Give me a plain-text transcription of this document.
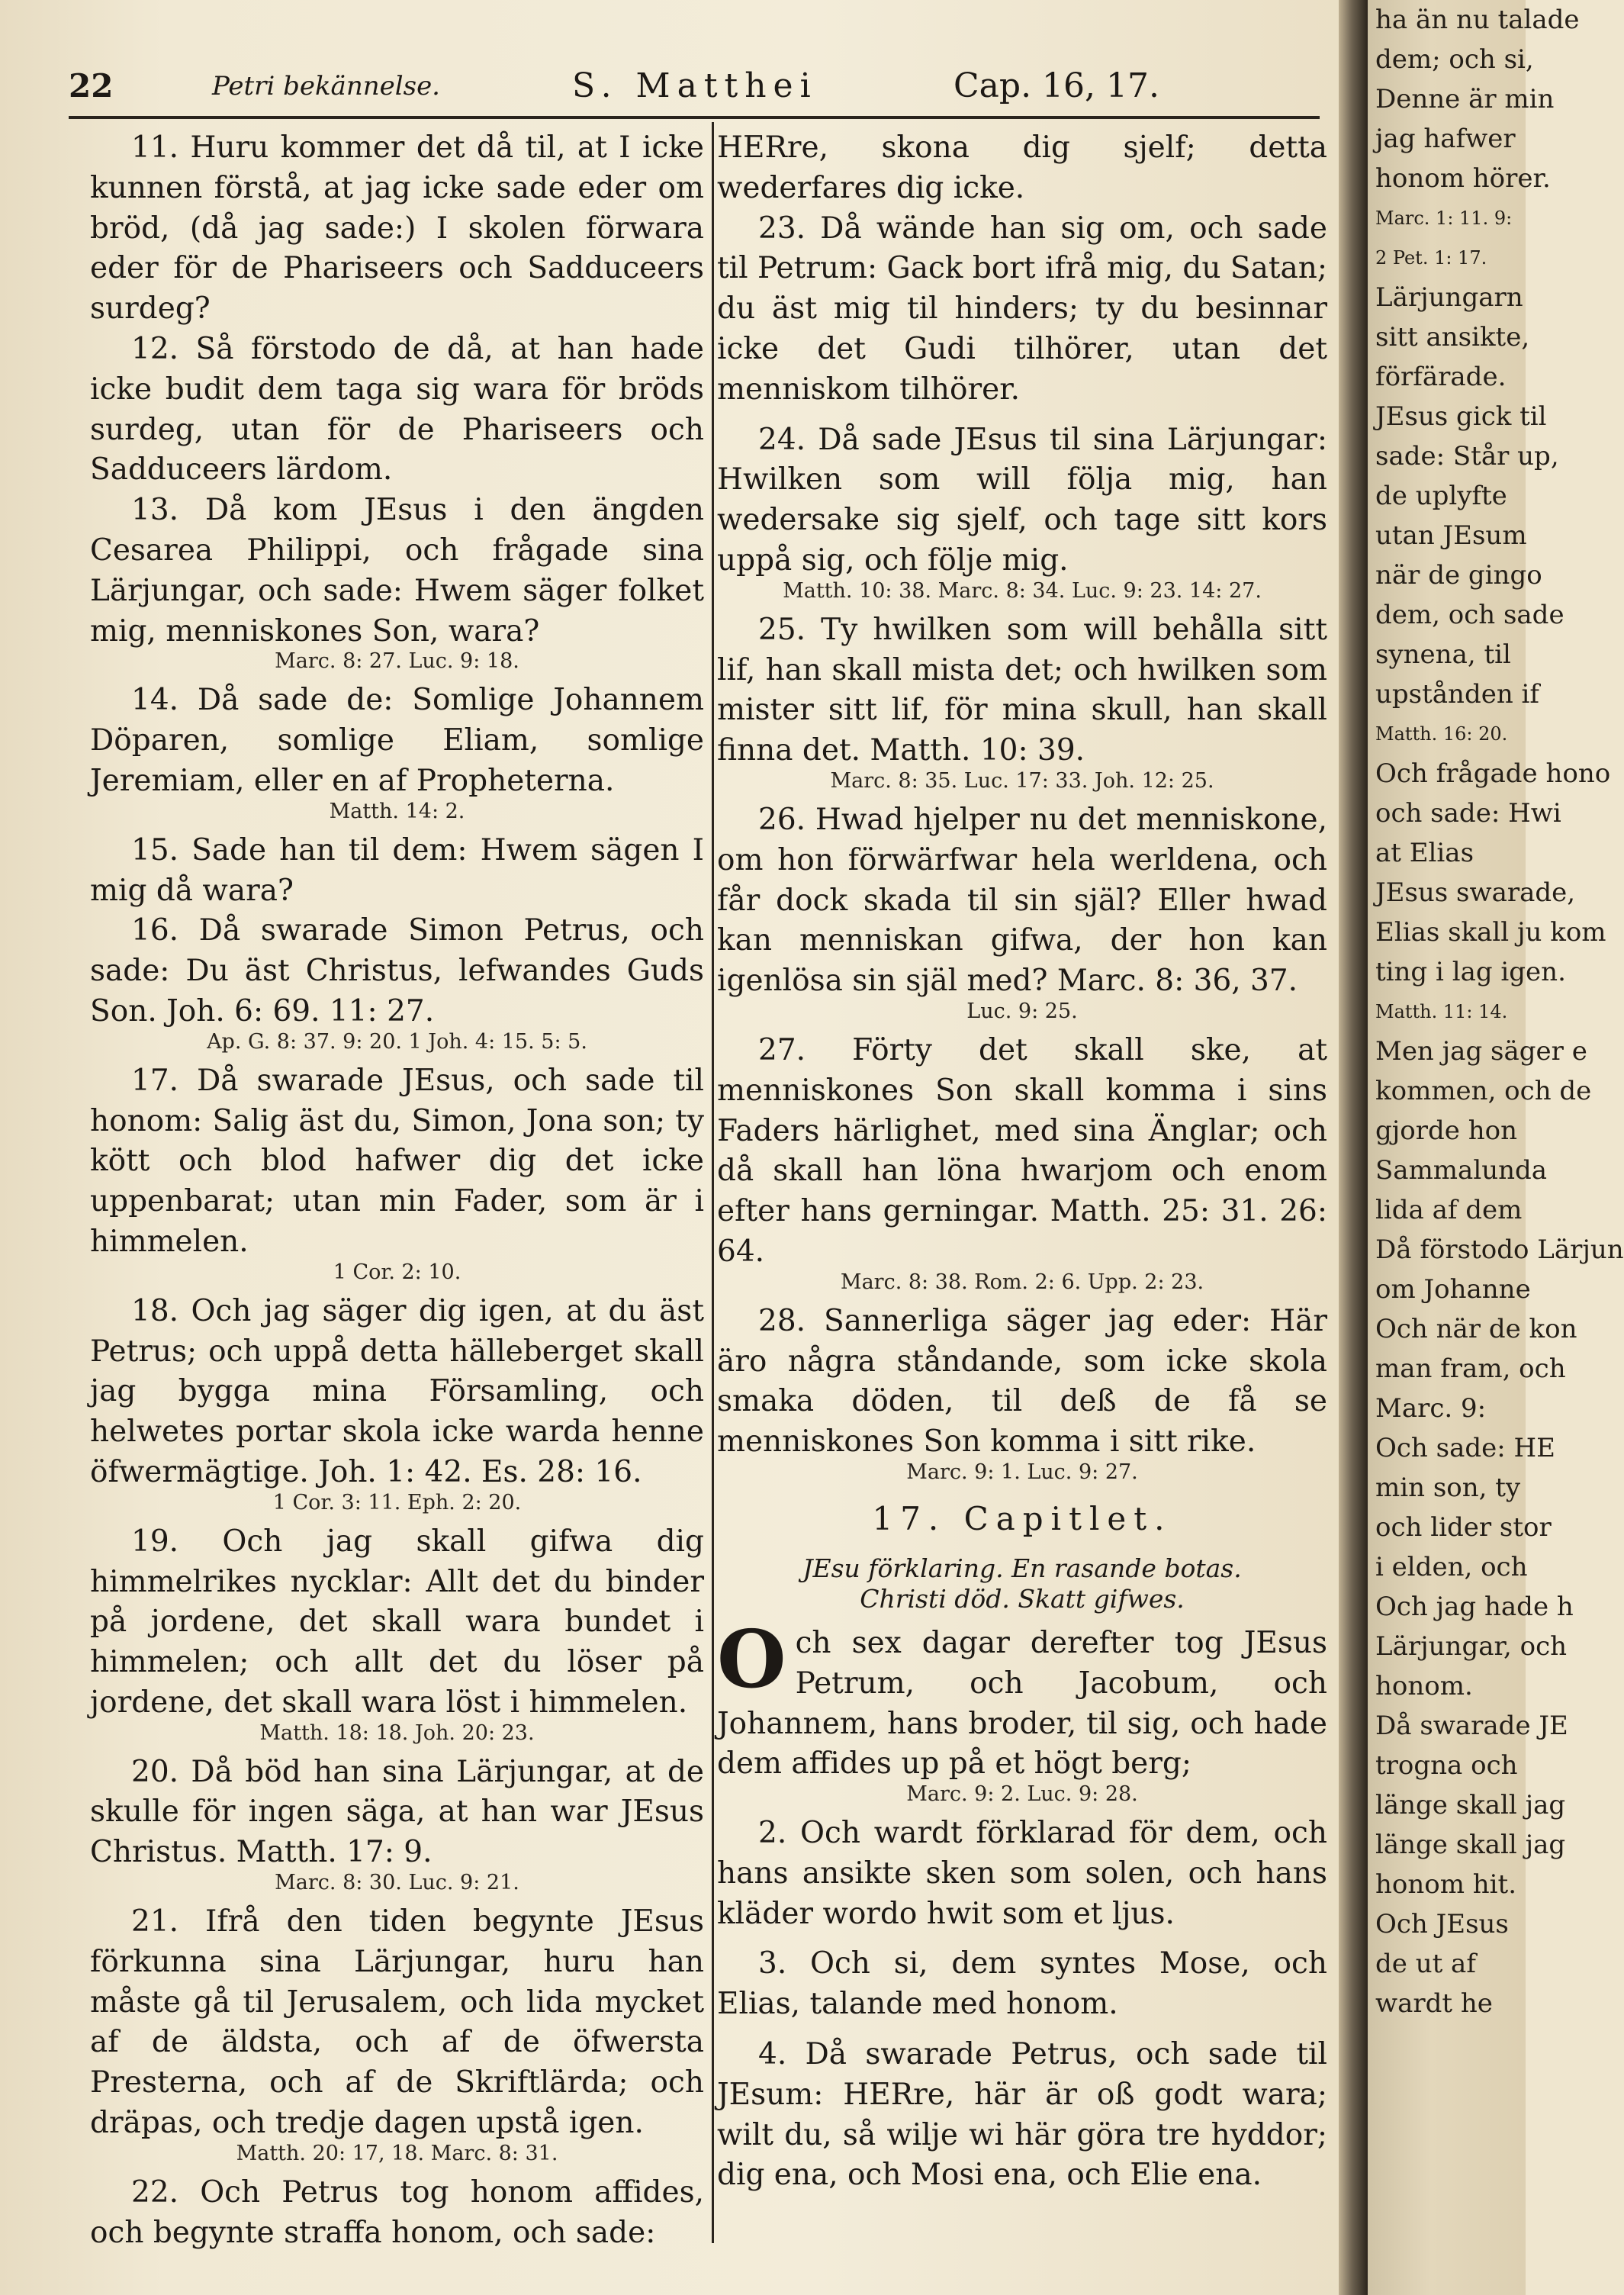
22	Petri bekännelse.	S. Matthei	Cap. 16, 17.

11. Huru kommer det då til, at I icke kunnen förstå, at jag icke sade eder om bröd, (då jag sade:) I skolen förwara eder för de Phariseers och Sadduceers surdeg?

12. Så förstodo de då, at han hade icke budit dem taga sig wara för bröds surdeg, utan för de Phariseers och Sadduceers lärdom.

13. Då kom JEsus i den ängden Cesarea Philippi, och frågade sina Lärjungar, och sade: Hwem säger folket mig, menniskones Son, wara?

Marc. 8: 27. Luc. 9: 18.

14. Då sade de: Somlige Johannem Döparen, somlige Eliam, somlige Jeremiam, eller en af Propheterna.

Matth. 14: 2.

15. Sade han til dem: Hwem sägen I mig då wara?

16. Då swarade Simon Petrus, och sade: Du äst Christus, lefwandes Guds Son. Joh. 6: 69. 11: 27.

Ap. G. 8: 37. 9: 20. 1 Joh. 4: 15. 5: 5.

17. Då swarade JEsus, och sade til honom: Salig äst du, Simon, Jona son; ty kött och blod hafwer dig det icke uppenbarat; utan min Fader, som är i himmelen.

1 Cor. 2: 10.

18. Och jag säger dig igen, at du äst Petrus; och uppå detta hälleberget skall jag bygga mina Församling, och helwetes portar skola icke warda henne öfwermägtige. Joh. 1: 42. Es. 28: 16.

1 Cor. 3: 11. Eph. 2: 20.

19. Och jag skall gifwa dig himmelrikes nycklar: Allt det du binder på jordene, det skall wara bundet i himmelen; och allt det du löser på jordene, det skall wara löst i himmelen.

Matth. 18: 18. Joh. 20: 23.

20. Då böd han sina Lärjungar, at de skulle för ingen säga, at han war JEsus Christus. Matth. 17: 9.

Marc. 8: 30. Luc. 9: 21.

21. Ifrå den tiden begynte JEsus förkunna sina Lärjungar, huru han måste gå til Jerusalem, och lida mycket af de äldsta, och af de öfwersta Presterna, och af de Skriftlärda; och dräpas, och tredje dagen upstå igen.

Matth. 20: 17, 18. Marc. 8: 31.

22. Och Petrus tog honom affides, och begynte straffa honom, och sade:

HERre, skona dig sjelf; detta wederfares dig icke.

23. Då wände han sig om, och sade til Petrum: Gack bort ifrå mig, du Satan; du äst mig til hinders; ty du besinnar icke det Gudi tilhörer, utan det menniskom tilhörer.

24. Då sade JEsus til sina Lärjungar: Hwilken som will följa mig, han wedersake sig sjelf, och tage sitt kors uppå sig, och följe mig.

Matth. 10: 38. Marc. 8: 34. Luc. 9: 23. 14: 27.

25. Ty hwilken som will behålla sitt lif, han skall mista det; och hwilken som mister sitt lif, för mina skull, han skall finna det. Matth. 10: 39.

Marc. 8: 35. Luc. 17: 33. Joh. 12: 25.

26. Hwad hjelper nu det menniskone, om hon förwärfwar hela werldena, och får dock skada til sin själ? Eller hwad kan menniskan gifwa, der hon kan igenlösa sin själ med? Marc. 8: 36, 37.

Luc. 9: 25.

27. Förty det skall ske, at menniskones Son skall komma i sins Faders härlighet, med sina Änglar; och då skall han löna hwarjom och enom efter hans gerningar. Matth. 25: 31. 26: 64.

Marc. 8: 38. Rom. 2: 6. Upp. 2: 23.

28. Sannerliga säger jag eder: Här äro några ståndande, som icke skola smaka döden, til deß de få se menniskones Son komma i sitt rike.

Marc. 9: 1. Luc. 9: 27.

17. Capitlet.

JEsu förklaring. En rasande botas.

Christi död. Skatt gifwes.

O ch sex dagar derefter tog JEsus Petrum, och Jacobum, och Johannem, hans broder, til sig, och hade dem affides up på et högt berg;

Marc. 9: 2. Luc. 9: 28.

2. Och wardt förklarad för dem, och hans ansikte sken som solen, och hans kläder wordo hwit som et ljus.

3. Och si, dem syntes Mose, och Elias, talande med honom.

4. Då swarade Petrus, och sade til JEsum: HERre, här är oß godt wara; wilt du, så wilje wi här göra tre hyddor; dig ena, och Mosi ena, och Elie ena.

ha än nu talade
dem; och si,
Denne är min
jag hafwer
honom hörer.
Marc. 1: 11. 9:
2 Pet. 1: 17.
Lärjungarn
sitt ansikte,
förfärade.
JEsus gick til
sade: Står up,
de uplyfte
utan JEsum
när de gingo
dem, och sade
synena, til
upstånden if
Matth. 16: 20.
Och frågade hono
och sade: Hwi
at Elias
JEsus swarade,
Elias skall ju kom
ting i lag igen.
Matth. 11: 14.
Men jag säger e
kommen, och de
gjorde hon
Sammalunda
lida af dem
Då förstodo Lärjun
om Johanne
Och när de kon
man fram, och
Marc. 9:
Och sade: HE
min son, ty
och lider stor
i elden, och
Och jag hade h
Lärjungar, och
honom.
Då swarade JE
trogna och
länge skall jag
länge skall jag
honom hit.
Och JEsus
de ut af
wardt he
